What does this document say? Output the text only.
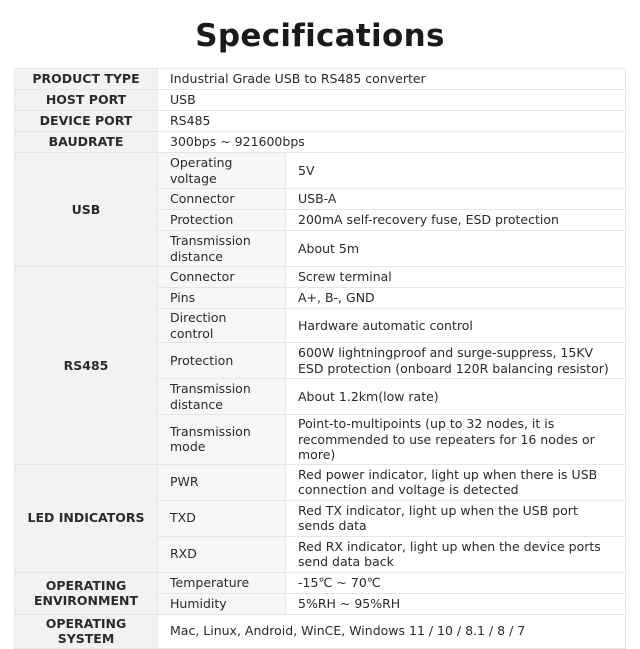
Specifications
PRODUCT TYPE	Industrial Grade USB to RS485 converter	
HOST PORT	USB	
DEVICE PORT	RS485	
BAUDRATE	300bps ~ 921600bps	
USB	Operating voltage	5V
	Connector	USB-A
	Protection	200mA self-recovery fuse, ESD protection
	Transmission distance	About 5m
RS485	Connector	Screw terminal
	Pins	A+, B-, GND
	Direction control	Hardware automatic control
	Protection	600W lightningproof and surge-suppress, 15KV ESD protection (onboard 120R balancing resistor)
	Transmission distance	About 1.2km(low rate)
	Transmission mode	Point-to-multipoints (up to 32 nodes, it is recommended to use repeaters for 16 nodes or more)
LED INDICATORS	PWR	Red power indicator, light up when there is USB connection and voltage is detected
	TXD	Red TX indicator, light up when the USB port sends data
	RXD	Red RX indicator, light up when the device ports send data back
OPERATING ENVIRONMENT	Temperature	-15℃ ~ 70℃
	Humidity	5%RH ~ 95%RH
OPERATING SYSTEM	Mac, Linux, Android, WinCE, Windows 11 / 10 / 8.1 / 8 / 7	
